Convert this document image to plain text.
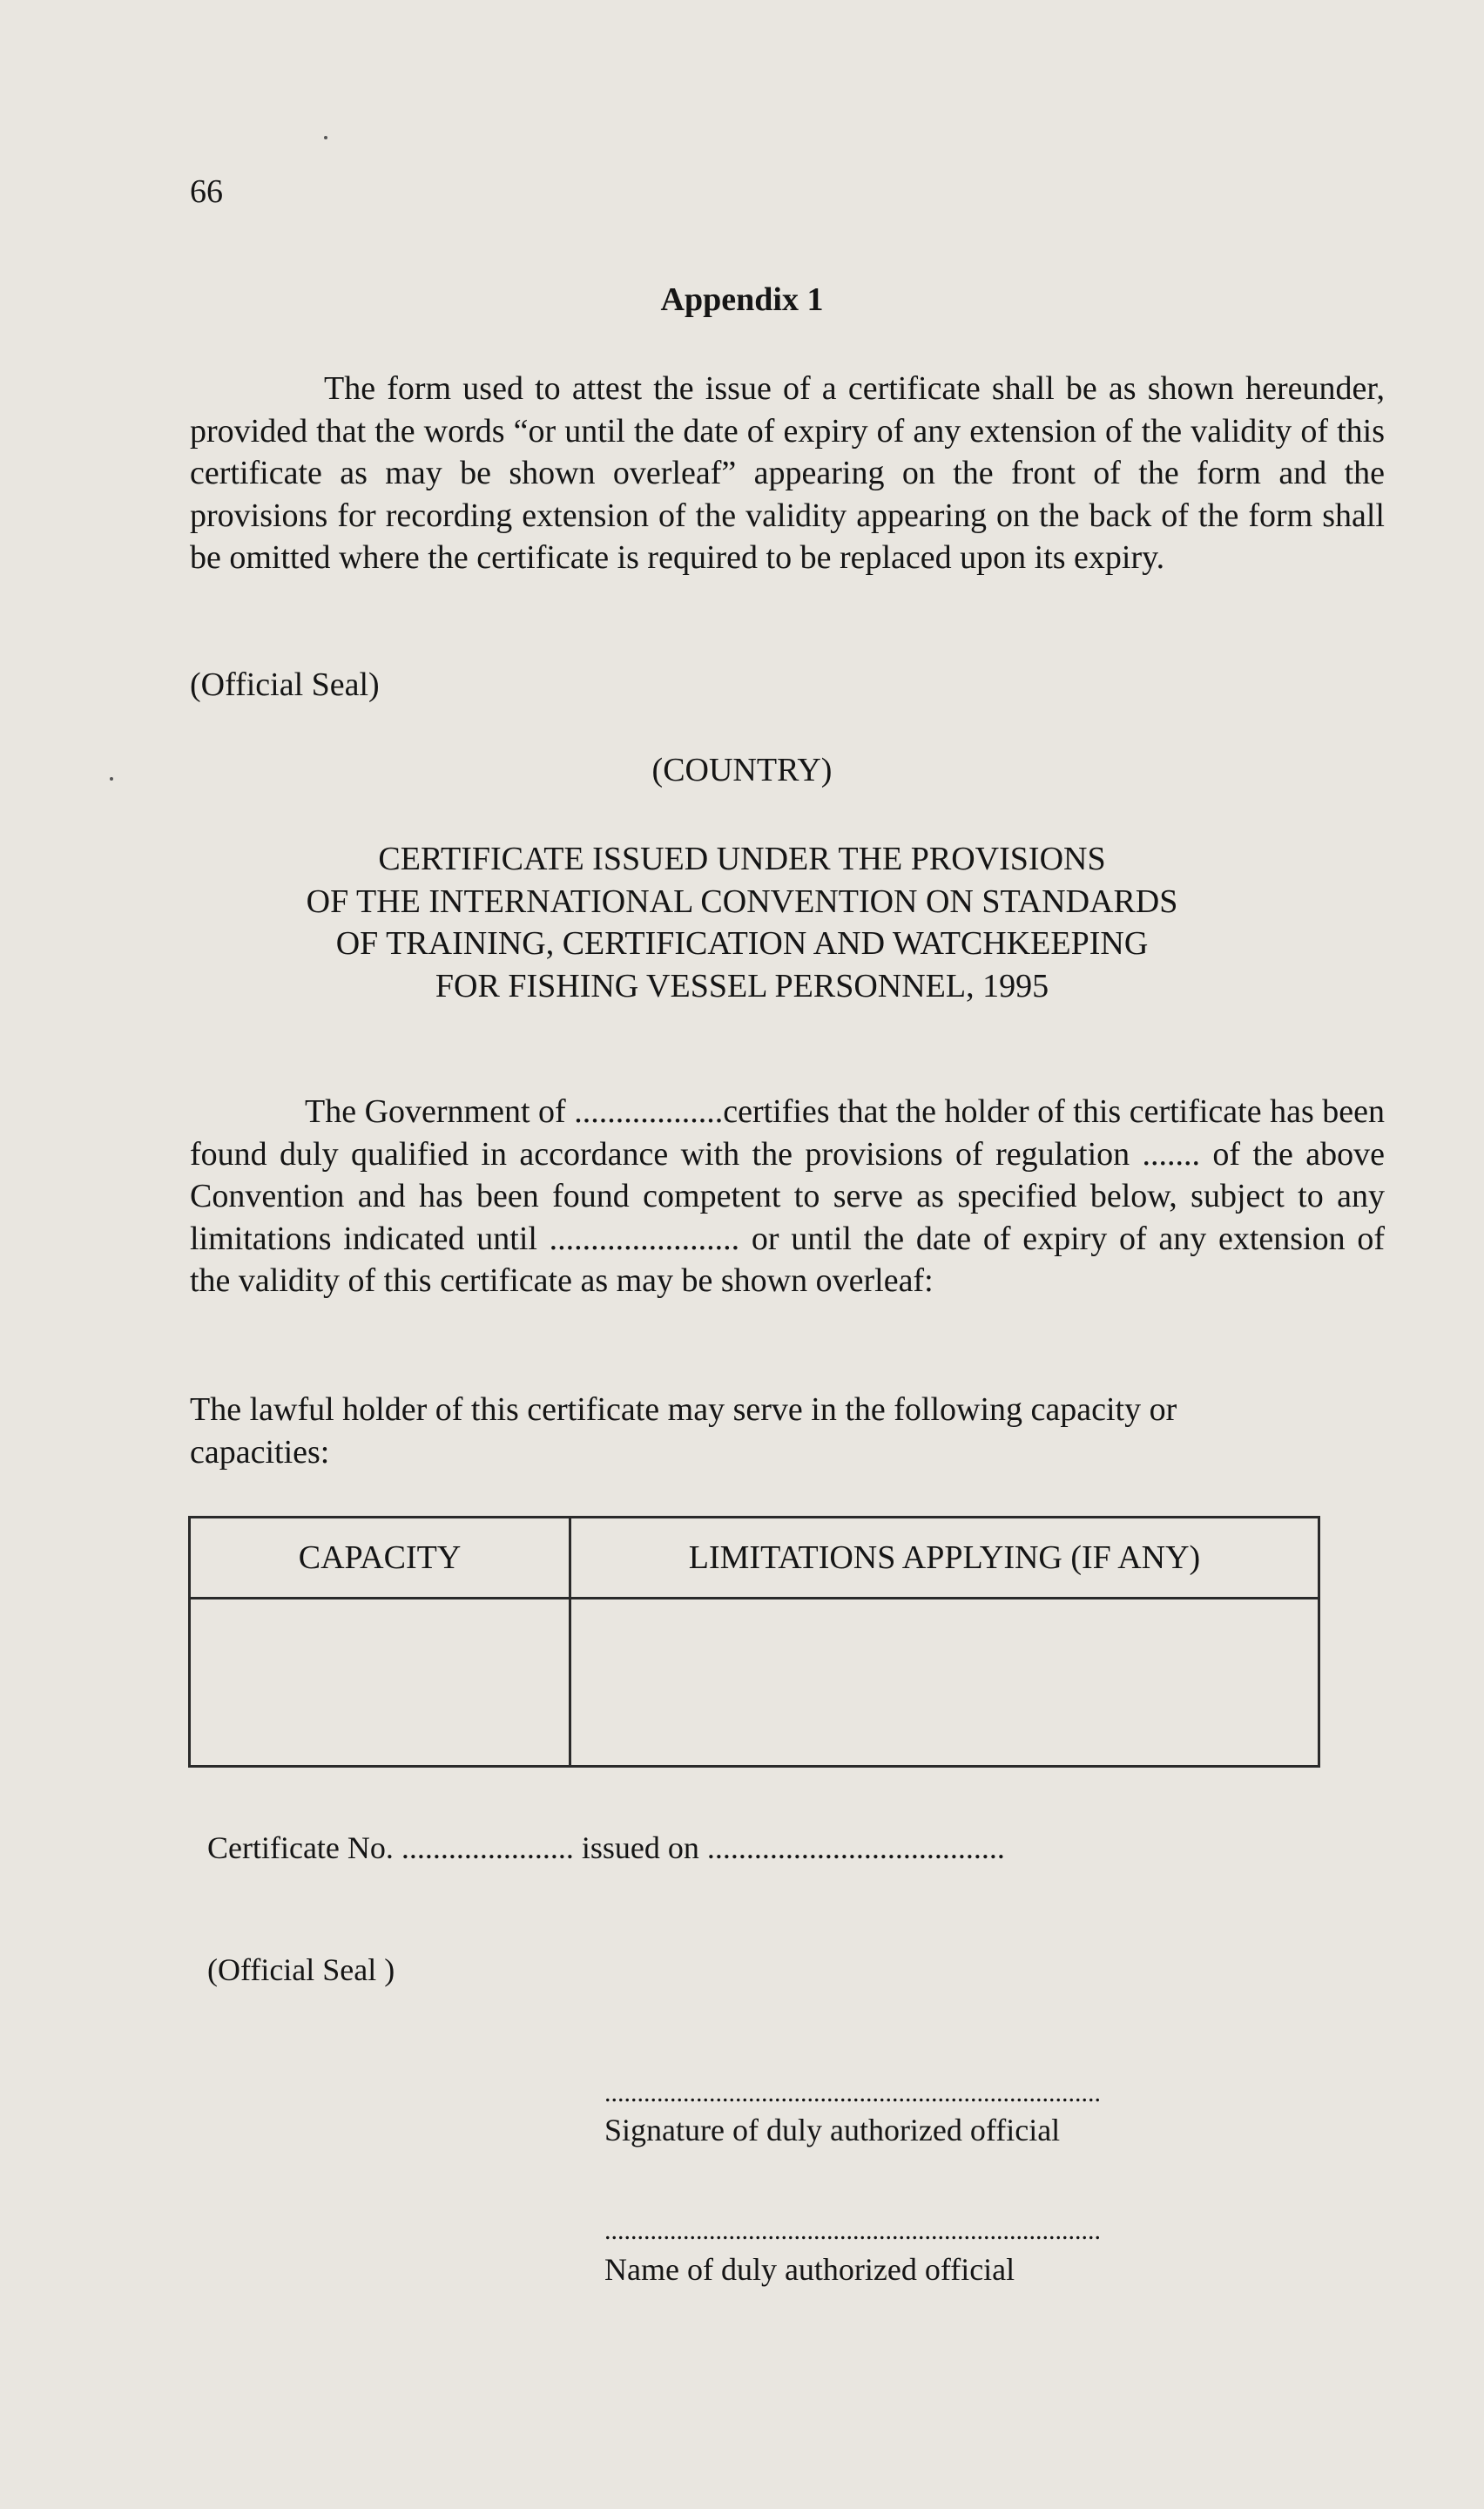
66
Appendix 1

The form used to attest the issue of a certificate shall be as shown hereunder, provided that the words “or until the date of expiry of any extension of the validity of this certificate as may be shown overleaf” appearing on the front of the form and the provisions for recording extension of the validity appearing on the back of the form shall be omitted where the certificate is required to be replaced upon its expiry.

(Official Seal)
(COUNTRY)
CERTIFICATE ISSUED UNDER THE PROVISIONS
OF THE INTERNATIONAL CONVENTION ON STANDARDS
OF TRAINING, CERTIFICATION AND WATCHKEEPING
FOR FISHING VESSEL PERSONNEL, 1995

The Government of ..................certifies that the holder of this certificate has been found duly qualified in accordance with the provisions of regulation ....... of the above Convention and has been found competent to serve as specified below, subject to any limitations indicated until ....................... or until the date of expiry of any extension of the validity of this certificate as may be shown overleaf:

The lawful holder of this certificate may serve in the following capacity or capacities:
CAPACITY	LIMITATIONS APPLYING (IF ANY)

Certificate No. ...................... issued on ......................................
(Official Seal )
............................................................................
Signature of duly authorized official
............................................................................
Name of duly authorized official
